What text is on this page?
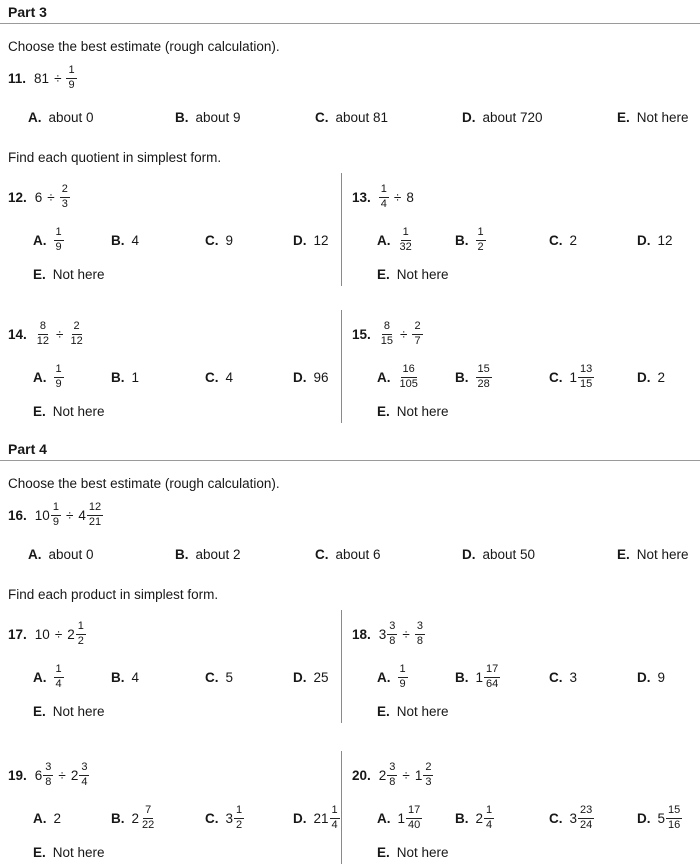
Part 3

Choose the best estimate (rough calculation).

11. $81 \div \frac{1}{9}$
A. about 0	B. about 9	C. about 81	D. about 720	E. Not here

Find each quotient in simplest form.

12. $6 \div \frac{2}{3}$
A. $\frac{1}{9}$	B. 4	C. 9	D. 12
E. Not here
13. $\frac{1}{4} \div 8$
A. $\frac{1}{32}$	B. $\frac{1}{2}$	C. 2	D. 12
E. Not here
14. $\frac{8}{12} \div \frac{2}{12}$
A. $\frac{1}{9}$	B. 1	C. 4	D. 96
E. Not here
15. $\frac{8}{15} \div \frac{2}{7}$
A. $\frac{16}{105}$	B. $\frac{15}{28}$	C. $1 \frac{13}{15}$	D. 2
E. Not here
Part 4

Choose the best estimate (rough calculation).

16. $10 \frac{1}{9} \div 4 \frac{12}{21}$
A. about 0	B. about 2	C. about 6	D. about 50	E. Not here

Find each product in simplest form.

17. $10 \div 2 \frac{1}{2}$
A. $\frac{1}{4}$	B. 4	C. 5	D. 25
E. Not here
18. $3 \frac{3}{8} \div \frac{3}{8}$
A. $\frac{1}{9}$	B. $1 \frac{17}{64}$	C. 3	D. 9
E. Not here
19. $6 \frac{3}{8} \div 2 \frac{3}{4}$
A. 2	B. $2 \frac{7}{22}$	C. $3 \frac{1}{2}$	D. $21 \frac{1}{4}$
E. Not here
20. $2 \frac{3}{8} \div 1 \frac{2}{3}$
A. $1 \frac{17}{40} B$. $2 \frac{1}{4}$	C. $3 \frac{23}{24}$	D. $5 \frac{15}{16}$
E. Not here
